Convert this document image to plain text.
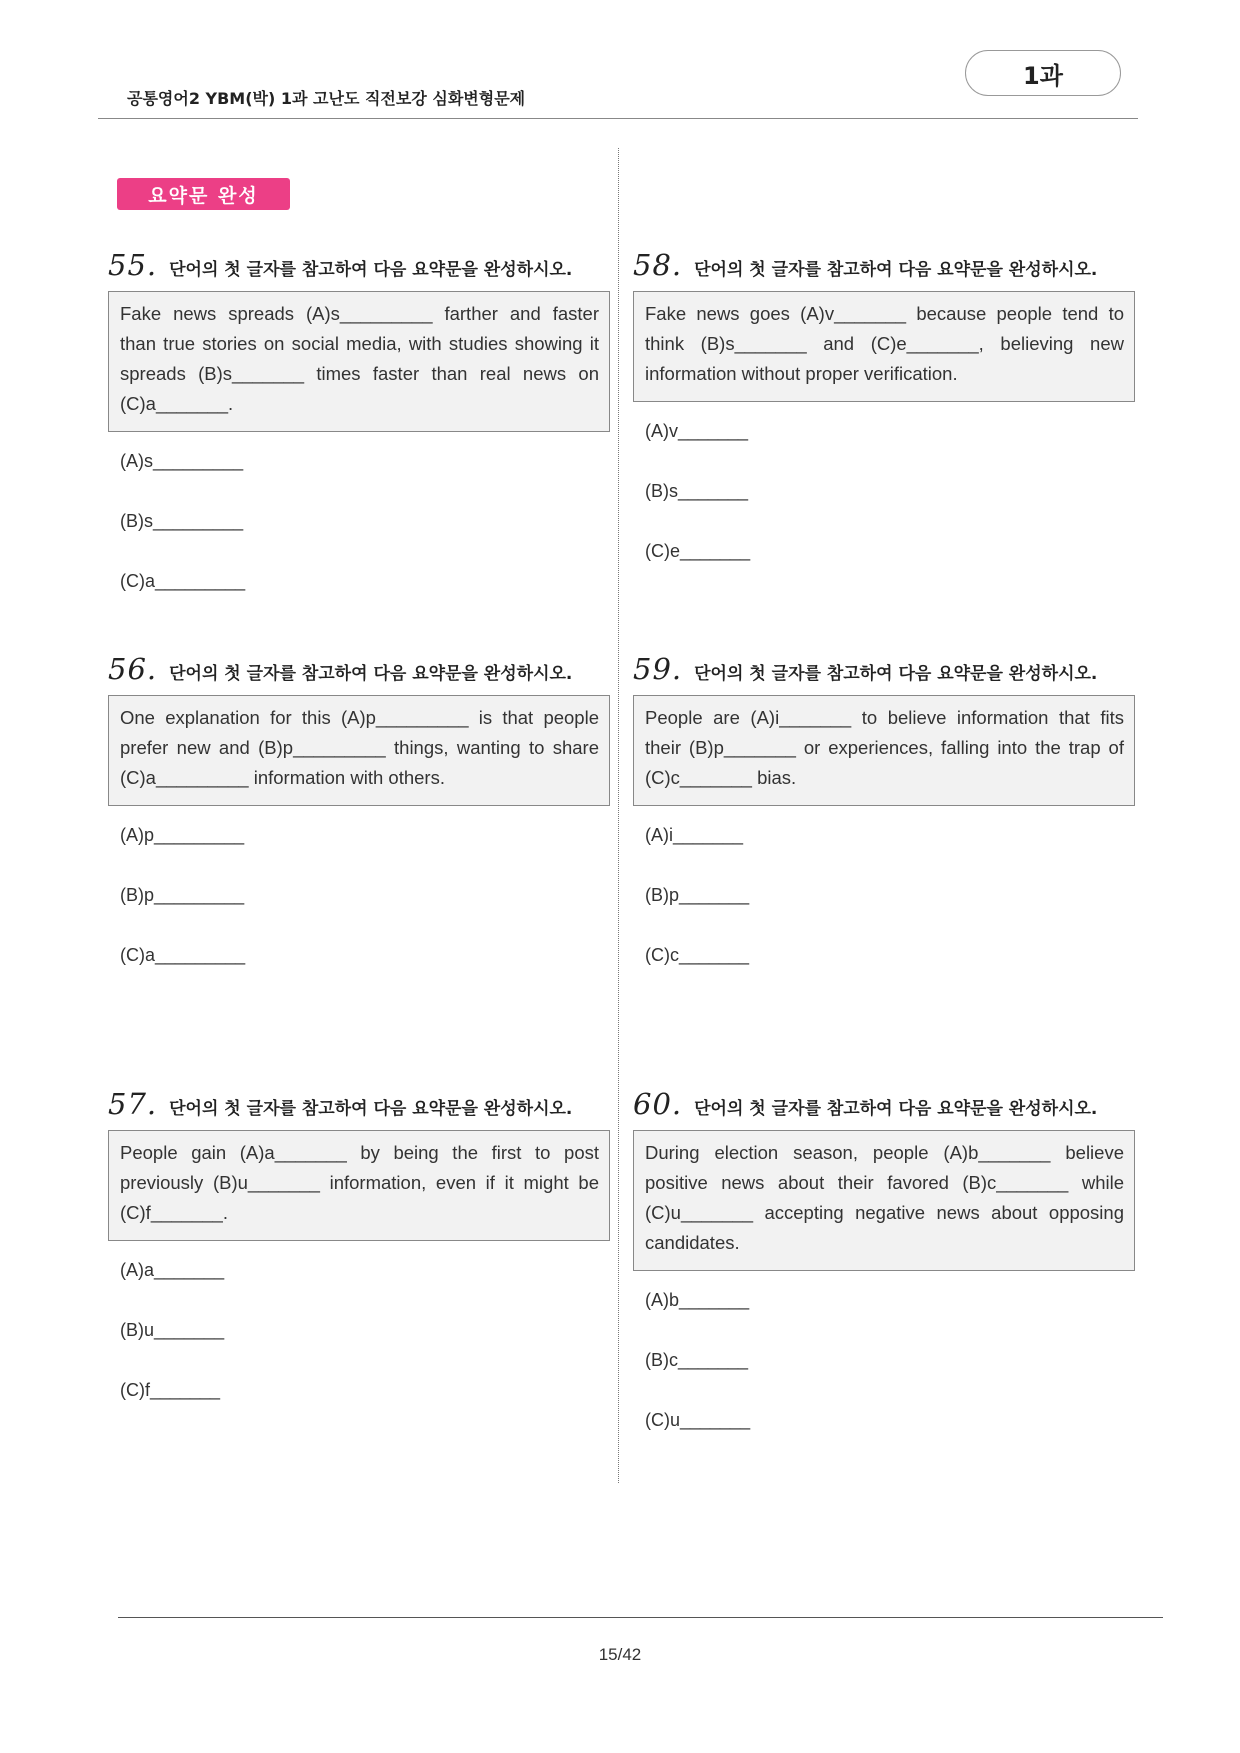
공통영어2 YBM(박) 1과 고난도 직전보강 심화변형문제
1과
요약문 완성
55. 단어의 첫 글자를 참고하여 다음 요약문을 완성하시오.
Fake news spreads (A)s_________ farther and faster than true stories on social media, with studies showing it spreads (B)s_______ times faster than real news on (C)a_______.
(A)s_________
(B)s_________
(C)a_________
56. 단어의 첫 글자를 참고하여 다음 요약문을 완성하시오.
One explanation for this (A)p_________ is that people prefer new and (B)p_________ things, wanting to share (C)a_________ information with others.
(A)p_________
(B)p_________
(C)a_________
57. 단어의 첫 글자를 참고하여 다음 요약문을 완성하시오.
People gain (A)a_______ by being the first to post previously (B)u_______ information, even if it might be (C)f_______.
(A)a_______
(B)u_______
(C)f_______
58. 단어의 첫 글자를 참고하여 다음 요약문을 완성하시오.
Fake news goes (A)v_______ because people tend to think (B)s_______ and (C)e_______, believing new information without proper verification.
(A)v_______
(B)s_______
(C)e_______
59. 단어의 첫 글자를 참고하여 다음 요약문을 완성하시오.
People are (A)i_______ to believe information that fits their (B)p_______ or experiences, falling into the trap of (C)c_______ bias.
(A)i_______
(B)p_______
(C)c_______
60. 단어의 첫 글자를 참고하여 다음 요약문을 완성하시오.
During election season, people (A)b_______ believe positive news about their favored (B)c_______ while (C)u_______ accepting negative news about opposing candidates.
(A)b_______
(B)c_______
(C)u_______
15/42
